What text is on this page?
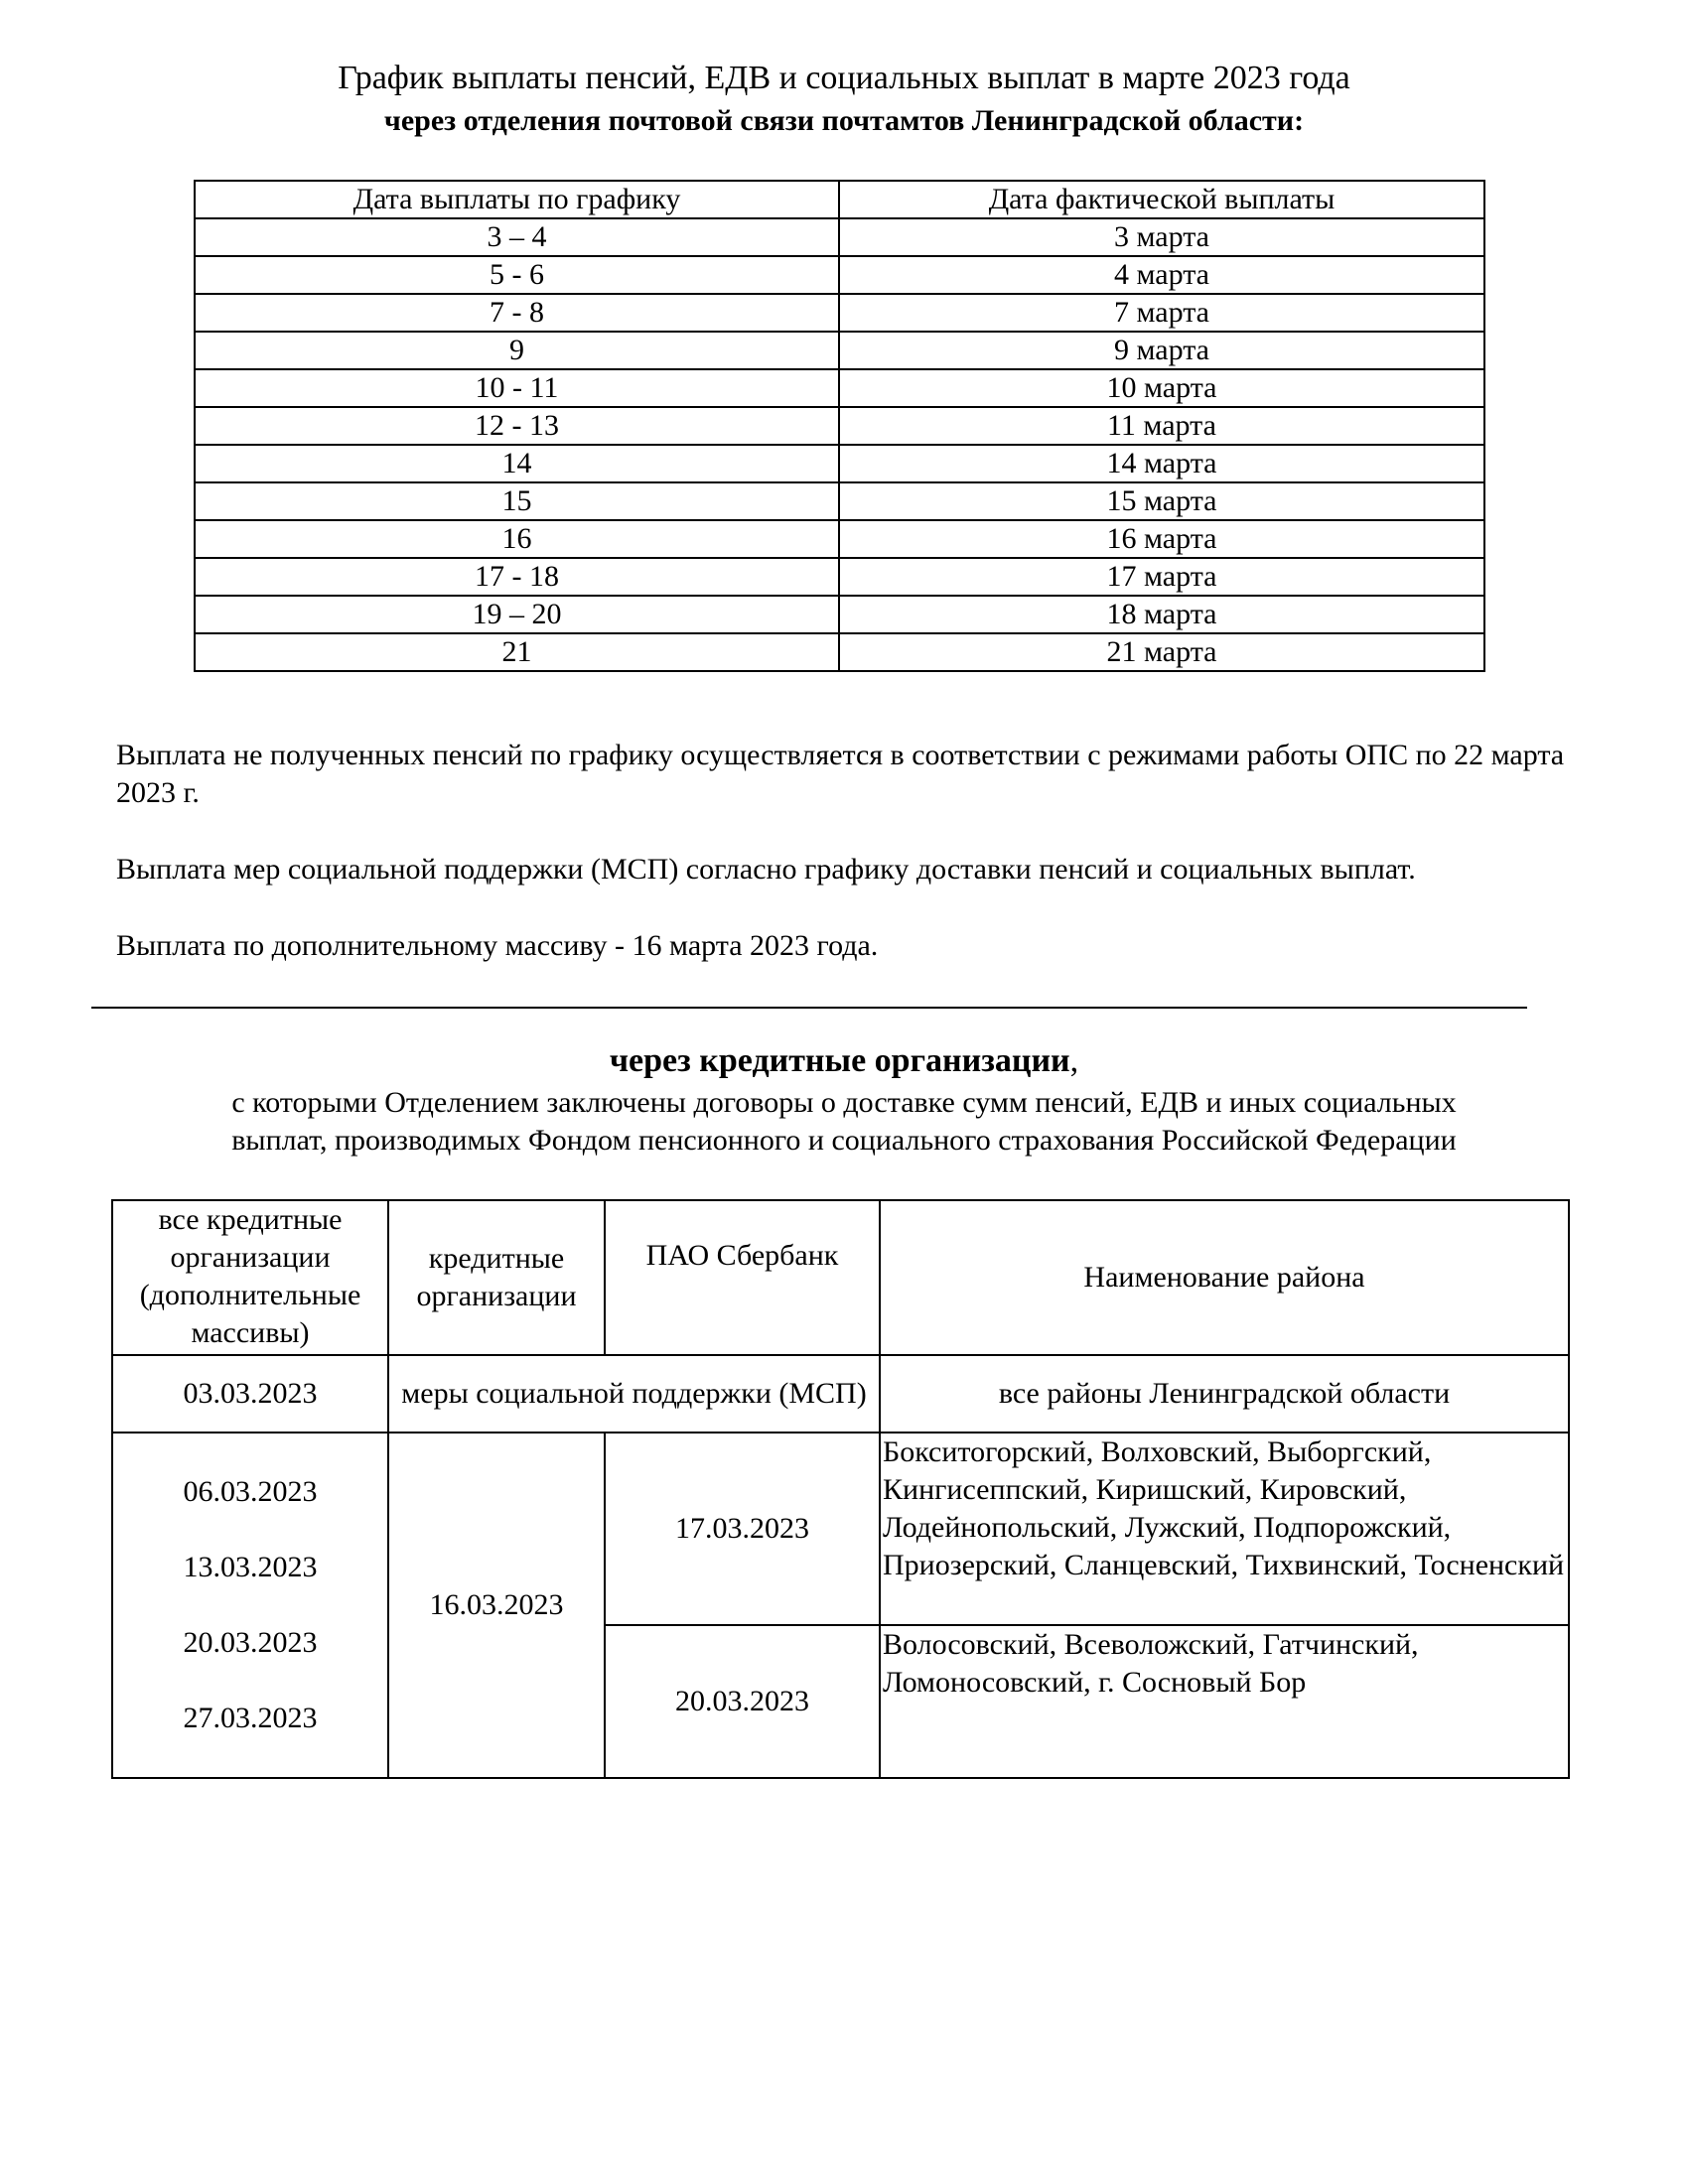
График выплаты пенсий, ЕДВ и социальных выплат в марте 2023 года
через отделения почтовой связи почтамтов Ленинградской области:
Дата выплаты по графику	Дата фактической выплаты
3 – 4	3 марта
5 - 6	4 марта
7 - 8	7 марта
9	9 марта
10 - 11	10 марта
12 - 13	11 марта
14	14 марта
15	15 марта
16	16 марта
17 - 18	17 марта
19 – 20	18 марта
21	21 марта
Выплата не полученных пенсий по графику осуществляется в соответствии с режимами работы ОПС по 22 марта 2023 г.
Выплата мер социальной поддержки (МСП) согласно графику доставки пенсий и социальных выплат.
Выплата по дополнительному массиву - 16 марта 2023 года.
через кредитные организации,
с которыми Отделением заключены договоры о доставке сумм пенсий, ЕДВ и иных социальных
выплат, производимых Фондом пенсионного и социального страхования Российской Федерации
все кредитные организации (дополнительные массивы)	кредитные организации	ПАО Сбербанк	Наименование района
03.03.2023	меры социальной поддержки (МСП)		все районы Ленинградской области

06.03.2023
13.03.2023
20.03.2023
27.03.2023	16.03.2023	17.03.2023	Бокситогорский, Волховский, Выборгский, Кингисеппский, Киришский, Кировский, Лодейнопольский, Лужский, Подпорожский, Приозерский, Сланцевский, Тихвинский, Тосненский
		20.03.2023	Волосовский, Всеволожский, Гатчинский, Ломоносовский, г. Сосновый Бор
